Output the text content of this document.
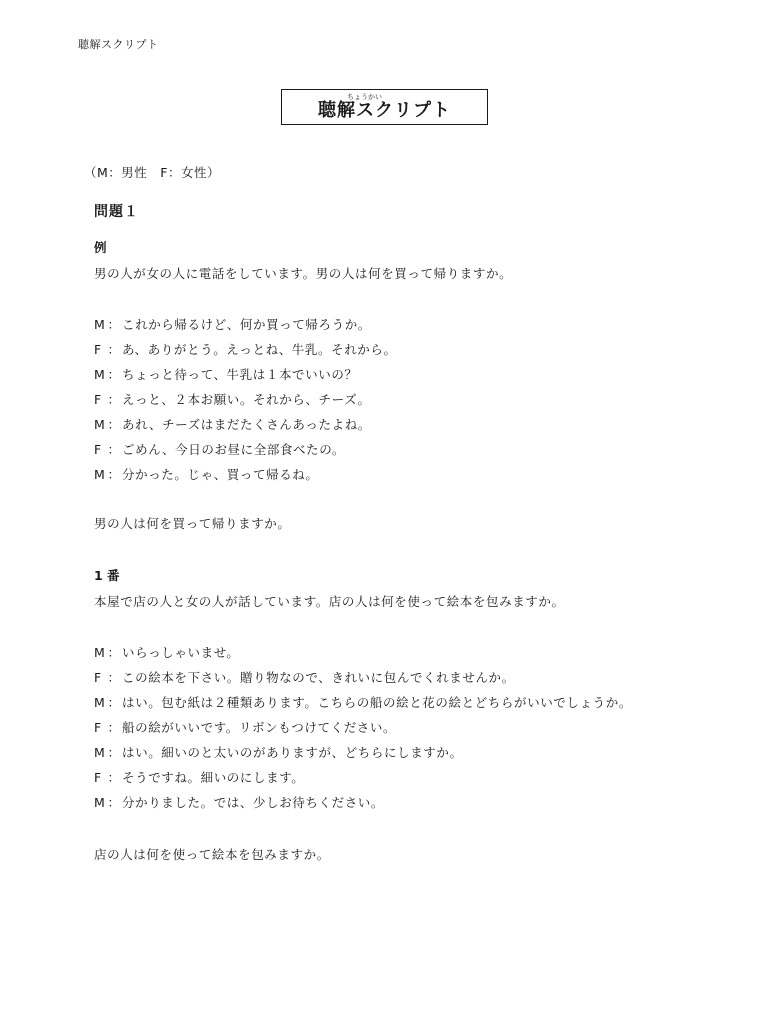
聴解スクリプト
ちょうかい
聴解スクリプト
（M：男性　F：女性）
問題１
例
男の人が女の人に電話をしています。男の人は何を買って帰りますか。
M ：これから帰るけど、何か買って帰ろうか。
F ：あ、ありがとう。えっとね、牛乳。それから。
M ：ちょっと待って、牛乳は１本でいいの？
F ：えっと、２本お願い。それから、チーズ。
M ：あれ、チーズはまだたくさんあったよね。
F ：ごめん、今日のお昼に全部食べたの。
M ：分かった。じゃ、買って帰るね。
男の人は何を買って帰りますか。
1 番
本屋で店の人と女の人が話しています。店の人は何を使って絵本を包みますか。
M ：いらっしゃいませ。
F ：この絵本を下さい。贈り物なので、きれいに包んでくれませんか。
M ：はい。包む紙は２種類あります。こちらの船の絵と花の絵とどちらがいいでしょうか。
F ：船の絵がいいです。リボンもつけてください。
M ：はい。細いのと太いのがありますが、どちらにしますか。
F ：そうですね。細いのにします。
M ：分かりました。では、少しお待ちください。
店の人は何を使って絵本を包みますか。
